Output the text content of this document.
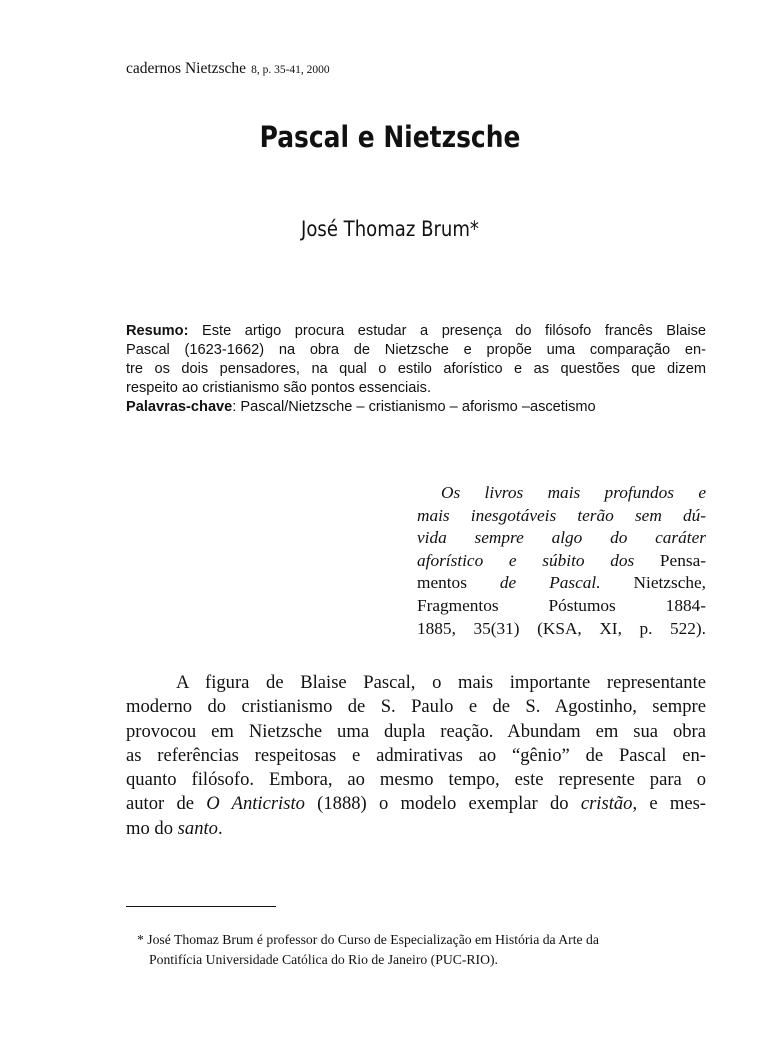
cadernos Nietzsche 8, p. 35-41, 2000
Pascal e Nietzsche
José Thomaz Brum*
Resumo: Este artigo procura estudar a presença do filósofo francês Blaise
Pascal (1623-1662) na obra de Nietzsche e propõe uma comparação en-
tre os dois pensadores, na qual o estilo aforístico e as questões que dizem
respeito ao cristianismo são pontos essenciais.
Palavras-chave: Pascal/Nietzsche – cristianismo – aforismo –ascetismo
Os livros mais profundos e
mais inesgotáveis terão sem dú-
vida sempre algo do caráter
aforístico e súbito dos Pensa-
mentos de Pascal. Nietzsche,
Fragmentos Póstumos 1884-
1885, 35(31) (KSA, XI, p. 522).
A figura de Blaise Pascal, o mais importante representante
moderno do cristianismo de S. Paulo e de S. Agostinho, sempre
provocou em Nietzsche uma dupla reação. Abundam em sua obra
as referências respeitosas e admirativas ao “gênio” de Pascal en-
quanto filósofo. Embora, ao mesmo tempo, este represente para o
autor de O Anticristo (1888) o modelo exemplar do cristão, e mes-
mo do santo.
* José Thomaz Brum é professor do Curso de Especialização em História da Arte da
Pontifícia Universidade Católica do Rio de Janeiro (PUC-RIO).
